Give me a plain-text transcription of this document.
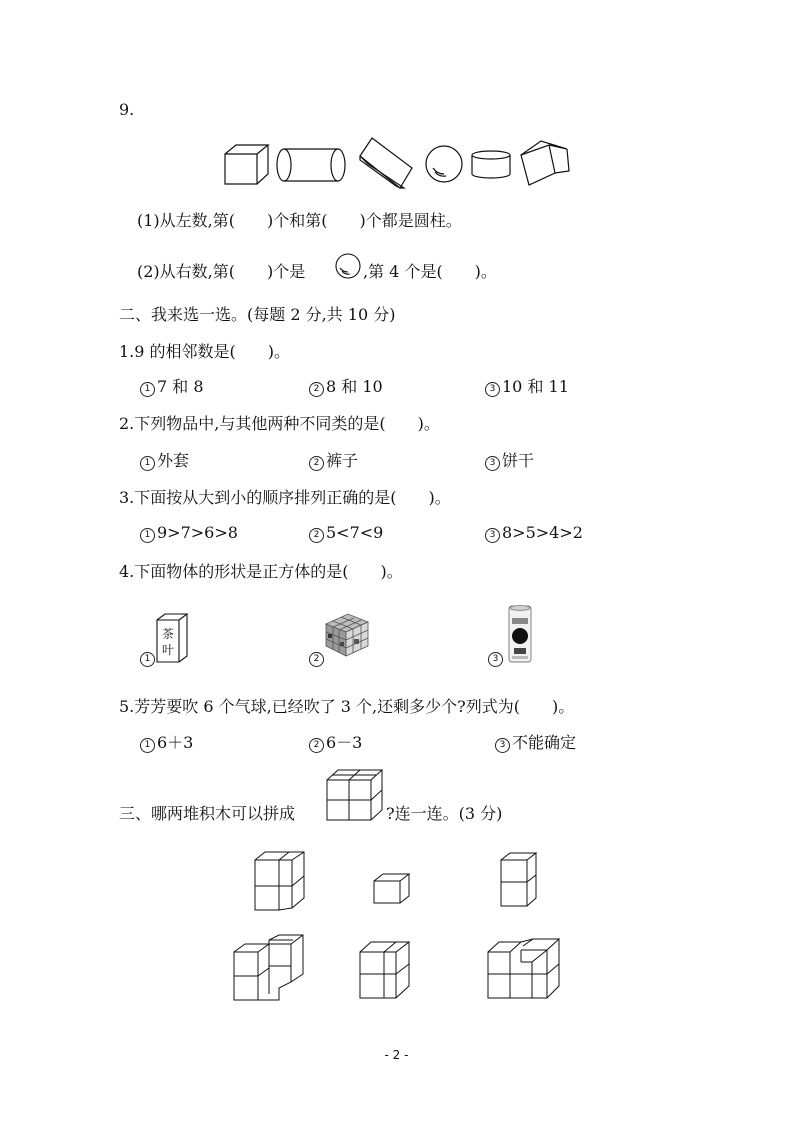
9.
(1)从左数,第(　　)个和第(　　)个都是圆柱。
(2)从右数,第(　　)个是	,第 4 个是(　　)。
二、我来选一选。(每题 2 分,共 10 分)
1.9 的相邻数是(　　)。
1 7 和 8	2 8 和 10	3 10 和 11
2.下列物品中,与其他两种不同类的是(　　)。
1 外套	2 裤子	3 饼干
3.下面按从大到小的顺序排列正确的是(　　)。
1 9>7>6>8	2 5<7<9	3 8>5>4>2
4.下面物体的形状是正方体的是(　　)。
1
茶
叶
2	3
5.芳芳要吹 6 个气球,已经吹了 3 个,还剩多少个?列式为(　　)。
1 6＋3	2 6－3	3 不能确定
三、哪两堆积木可以拼成	?连一连。(3 分)
- 2 -
